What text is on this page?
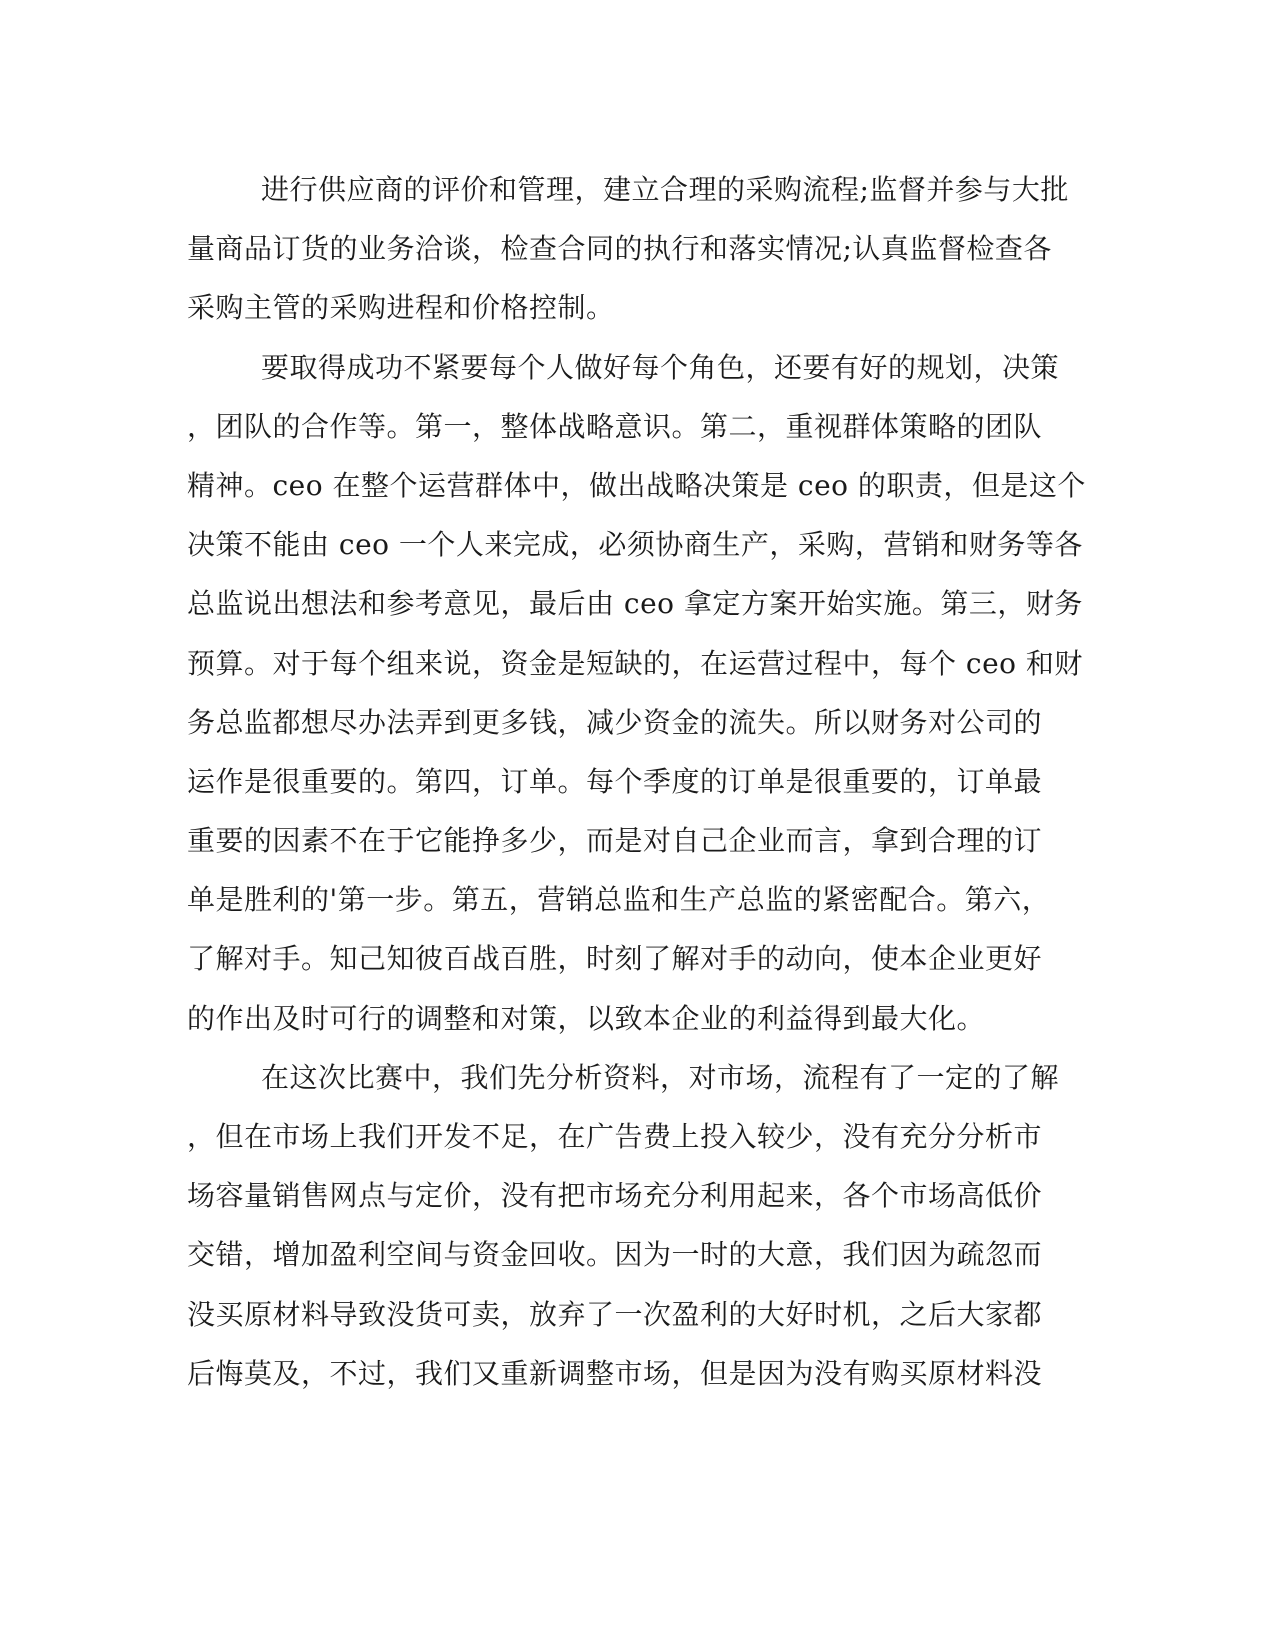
进行供应商的评价和管理，建立合理的采购流程;监督并参与大批
量商品订货的业务洽谈，检查合同的执行和落实情况;认真监督检查各
采购主管的采购进程和价格控制。
要取得成功不紧要每个人做好每个角色，还要有好的规划，决策
，团队的合作等。第一，整体战略意识。第二，重视群体策略的团队
精神。ceo 在整个运营群体中，做出战略决策是 ceo 的职责，但是这个
决策不能由 ceo 一个人来完成，必须协商生产，采购，营销和财务等各
总监说出想法和参考意见，最后由 ceo 拿定方案开始实施。第三，财务
预算。对于每个组来说，资金是短缺的，在运营过程中，每个 ceo 和财
务总监都想尽办法弄到更多钱，减少资金的流失。所以财务对公司的
运作是很重要的。第四，订单。每个季度的订单是很重要的，订单最
重要的因素不在于它能挣多少，而是对自己企业而言，拿到合理的订
单是胜利的'第一步。第五，营销总监和生产总监的紧密配合。第六，
了解对手。知己知彼百战百胜，时刻了解对手的动向，使本企业更好
的作出及时可行的调整和对策，以致本企业的利益得到最大化。
在这次比赛中，我们先分析资料，对市场，流程有了一定的了解
，但在市场上我们开发不足，在广告费上投入较少，没有充分分析市
场容量销售网点与定价，没有把市场充分利用起来，各个市场高低价
交错，增加盈利空间与资金回收。因为一时的大意，我们因为疏忽而
没买原材料导致没货可卖，放弃了一次盈利的大好时机，之后大家都
后悔莫及，不过，我们又重新调整市场，但是因为没有购买原材料没
